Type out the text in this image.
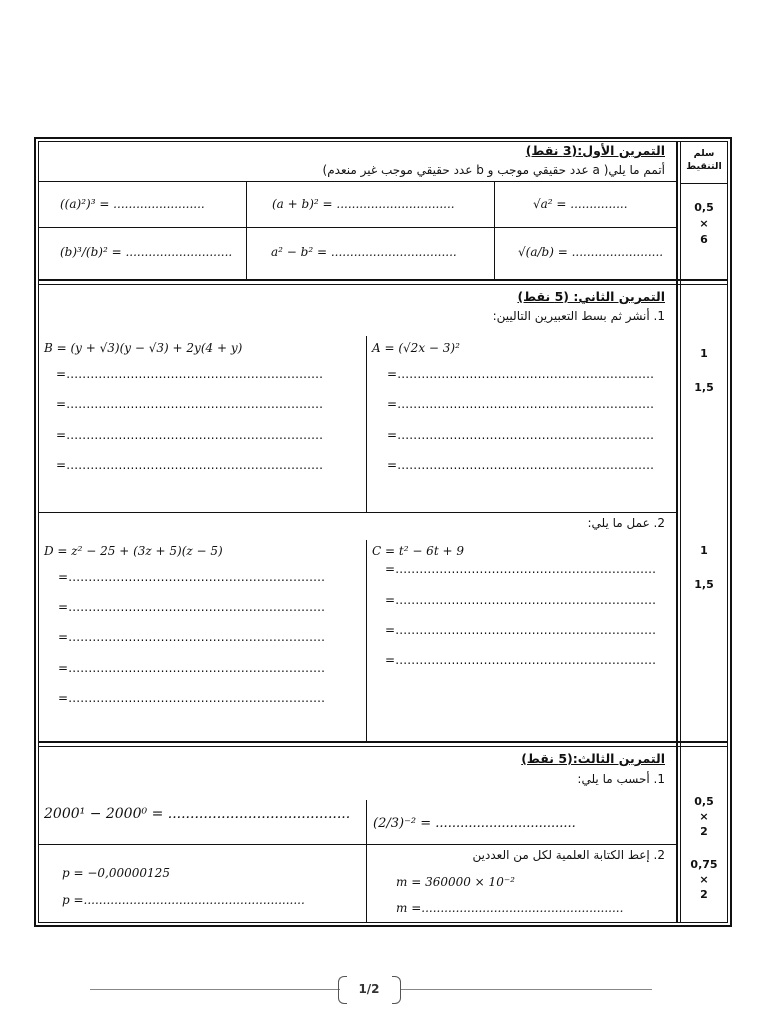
سلم التنقيط
0,5
×
6
1
1,5
1
1,5
0,5
×
2
0,75
×
2
التمرين الأول:(3 نقط)
أتمم ما يلي( a عدد حقيقي موجب و b عدد حقيقي موجب غير منعدم)
√a² = ...............
(a + b)² = ...............................
((a)²)³ = ........................
√(a/b) = ........................
a² − b² = .................................
(b)³/(b)² = ............................
التمرين الثاني: (5 نقط)
1. أنشر ثم بسط التعبيرين التاليين:
A = (√2x − 3)²
B = (y + √3)(y − √3) + 2y(4 + y)
=................................................................
=................................................................
=................................................................
=................................................................
=................................................................
=................................................................
=................................................................
=................................................................
2. عمل ما يلي:
C = t² − 6t + 9
D = z² − 25 + (3z + 5)(z − 5)
=.................................................................
=.................................................................
=.................................................................
=.................................................................
=................................................................
=................................................................
=................................................................
=................................................................
=................................................................
التمرين الثالث:(5 نقط)
1. أحسب ما يلي:
(2/3)⁻² = ..................................
2000¹ − 2000⁰ = .........................................
2. إعط الكتابة العلمية لكل من العددين
m = 360000 × 10⁻²
m =.....................................................
p = −0,00000125
p =..........................................................
1/2
